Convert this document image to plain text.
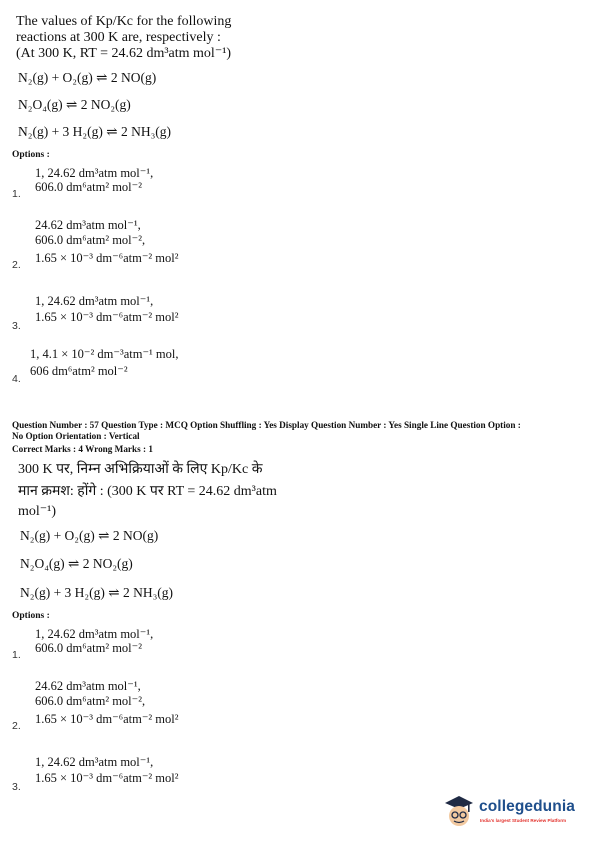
The values of Kp/Kc for the following
reactions at 300 K are, respectively :
(At 300 K, RT = 24.62 dm³atm mol⁻¹)
N₂(g) + O₂(g) ⇌ 2 NO(g)
N₂O₄(g) ⇌ 2 NO₂(g)
N₂(g) + 3 H₂(g) ⇌ 2 NH₃(g)
Options :
1, 24.62 dm³atm mol⁻¹,
606.0 dm⁶atm² mol⁻²
1.
24.62 dm³atm mol⁻¹,
606.0 dm⁶atm² mol⁻²,
1.65 × 10⁻³ dm⁻⁶atm⁻² mol²
2.
1, 24.62 dm³atm mol⁻¹,
1.65 × 10⁻³ dm⁻⁶atm⁻² mol²
3.
1, 4.1 × 10⁻² dm⁻³atm⁻¹ mol,
606 dm⁶atm² mol⁻²
4.
Question Number : 57 Question Type : MCQ Option Shuffling : Yes Display Question Number : Yes Single Line Question Option :
No Option Orientation : Vertical
Correct Marks : 4 Wrong Marks : 1
300 K पर, निम्न अभिक्रियाओं के लिए Kp/Kc के
मान क्रमश: होंगे : (300 K पर RT = 24.62 dm³atm
mol⁻¹)
N₂(g) + O₂(g) ⇌ 2 NO(g)
N₂O₄(g) ⇌ 2 NO₂(g)
N₂(g) + 3 H₂(g) ⇌ 2 NH₃(g)
Options :
1, 24.62 dm³atm mol⁻¹,
606.0 dm⁶atm² mol⁻²
1.
24.62 dm³atm mol⁻¹,
606.0 dm⁶atm² mol⁻²,
1.65 × 10⁻³ dm⁻⁶atm⁻² mol²
2.
1, 24.62 dm³atm mol⁻¹,
1.65 × 10⁻³ dm⁻⁶atm⁻² mol²
3.
collegedunia
India's largest Student Review Platform
